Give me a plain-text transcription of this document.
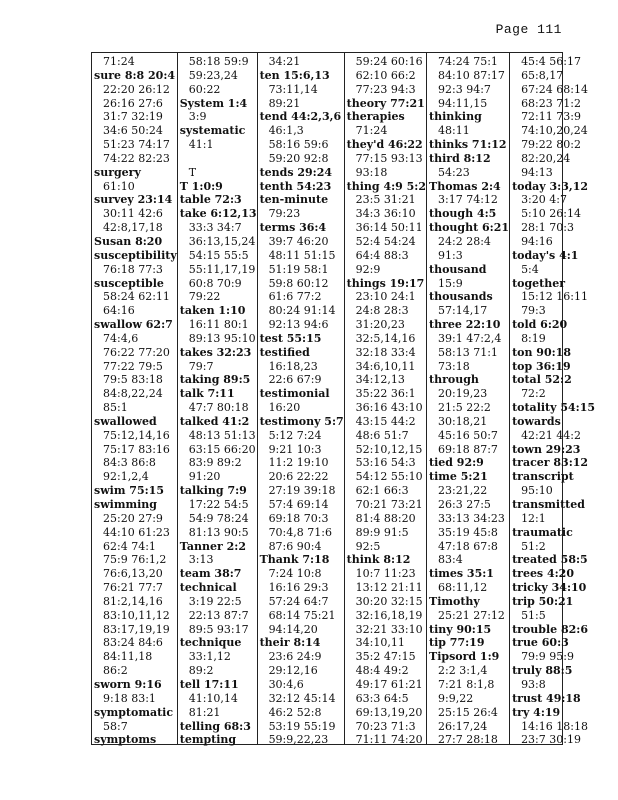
Page 111
71:24
sure 8:8 20:4
22:20 26:12
26:16 27:6
31:7 32:19
34:6 50:24
51:23 74:17
74:22 82:23
surgery
61:10
survey 23:14
30:11 42:6
42:8,17,18
Susan 8:20
susceptibility
76:18 77:3
susceptible
58:24 62:11
64:16
swallow 62:7
74:4,6
76:22 77:20
77:22 79:5
79:5 83:18
84:8,22,24
85:1
swallowed
75:12,14,16
75:17 83:16
84:3 86:8
92:1,2,4
swim 75:15
swimming
25:20 27:9
44:10 61:23
62:4 74:1
75:9 76:1,2
76:6,13,20
76:21 77:7
81:2,14,16
83:10,11,12
83:17,19,19
83:24 84:6
84:11,18
86:2
sworn 9:16
9:18 83:1
symptomatic
58:7
symptoms
58:18 59:9
59:23,24
60:22
System 1:4
3:9
systematic
41:1
T
T 1:0:9
table 72:3
take 6:12,13
33:3 34:7
36:13,15,24
54:15 55:5
55:11,17,19
60:8 70:9
79:22
taken 1:10
16:11 80:1
89:13 95:10
takes 32:23
79:7
taking 89:5
talk 7:11
47:7 80:18
talked 41:2
48:13 51:13
63:15 66:20
83:9 89:2
91:20
talking 7:9
17:22 54:5
54:9 78:24
81:13 90:5
Tanner 2:2
3:13
team 38:7
technical
3:19 22:5
22:13 87:7
89:5 93:17
technique
33:1,12
89:2
tell 17:11
41:10,14
81:21
telling 68:3
tempting
34:21
ten 15:6,13
73:11,14
89:21
tend 44:2,3,6
46:1,3
58:16 59:6
59:20 92:8
tends 29:24
tenth 54:23
ten-minute
79:23
terms 36:4
39:7 46:20
48:11 51:15
51:19 58:1
59:8 60:12
61:6 77:2
80:24 91:14
92:13 94:6
test 55:15
testified
16:18,23
22:6 67:9
testimonial
16:20
testimony 5:7
5:12 7:24
9:21 10:3
11:2 19:10
20:6 22:22
27:19 39:18
57:4 69:14
69:18 70:3
70:4,8 71:6
87:6 90:4
Thank 7:18
7:24 10:8
16:16 29:3
57:24 64:7
68:14 75:21
94:14,20
their 8:14
23:6 24:9
29:12,16
30:4,6
32:12 45:14
46:2 52:8
53:19 55:19
59:9,22,23
59:24 60:16
62:10 66:2
77:23 94:3
theory 77:21
therapies
71:24
they'd 46:22
77:15 93:13
93:18
thing 4:9 5:2
23:5 31:21
34:3 36:10
36:14 50:11
52:4 54:24
64:4 88:3
92:9
things 19:17
23:10 24:1
24:8 28:3
31:20,23
32:5,14,16
32:18 33:4
34:6,10,11
34:12,13
35:22 36:1
36:16 43:10
43:15 44:2
48:6 51:7
52:10,12,15
53:16 54:3
54:12 55:10
62:1 66:3
70:21 73:21
81:4 88:20
89:9 91:5
92:5
think 8:12
10:7 11:23
13:12 21:11
30:20 32:15
32:16,18,19
32:21 33:10
34:10,11
35:2 47:15
48:4 49:2
49:17 61:21
63:3 64:5
69:13,19,20
70:23 71:3
71:11 74:20
74:24 75:1
84:10 87:17
92:3 94:7
94:11,15
thinking
48:11
thinks 71:12
third 8:12
54:23
Thomas 2:4
3:17 74:12
though 4:5
thought 6:21
24:2 28:4
91:3
thousand
15:9
thousands
57:14,17
three 22:10
39:1 47:2,4
58:13 71:1
73:18
through
20:19,23
21:5 22:2
30:18,21
45:16 50:7
69:18 87:7
tied 92:9
time 5:21
23:21,22
26:3 27:5
33:13 34:23
35:19 45:8
47:18 67:8
83:4
times 35:1
68:11,12
Timothy
25:21 27:12
tiny 90:15
tip 77:19
Tipsord 1:9
2:2 3:1,4
7:21 8:1,8
9:9,22
25:15 26:4
26:17,24
27:7 28:18
45:4 56:17
65:8,17
67:24 68:14
68:23 71:2
72:11 73:9
74:10,20,24
79:22 80:2
82:20,24
94:13
today 3:3,12
3:20 4:7
5:10 26:14
28:1 70:3
94:16
today's 4:1
5:4
together
15:12 16:11
79:3
told 6:20
8:19
ton 90:18
top 36:19
total 52:2
72:2
totality 54:15
towards
42:21 44:2
town 29:23
tracer 83:12
transcript
95:10
transmitted
12:1
traumatic
51:2
treated 58:5
trees 4:20
tricky 34:10
trip 50:21
51:5
trouble 82:6
true 60:3
79:9 95:9
truly 88:5
93:8
trust 49:18
try 4:19
14:16 18:18
23:7 30:19
